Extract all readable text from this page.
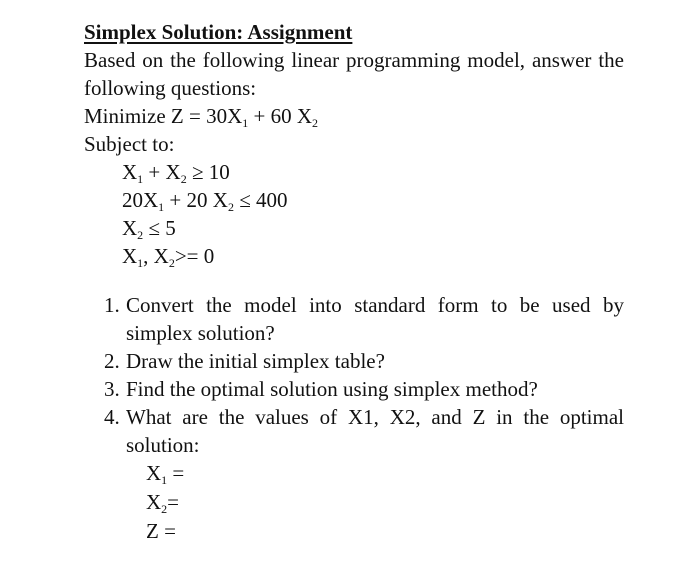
Simplex Solution: Assignment
Based on the following linear programming model, answer the following questions:
Minimize $Z = 30X_1 + 60$ $X_2$
Subject to:
$X_1 + X_2 \ge 10$
$20X_1 + 20$ $X_2 \le 400$
$X_2 \le 5$
$X_1$, $X_2>= 0$
1. Convert the model into standard form to be used by simplex solution?
2. Draw the initial simplex table?
3. Find the optimal solution using simplex method?
4. What are the values of X1, X2, and Z in the optimal solution:
$X_1$ =
$X_2=$
Z =
